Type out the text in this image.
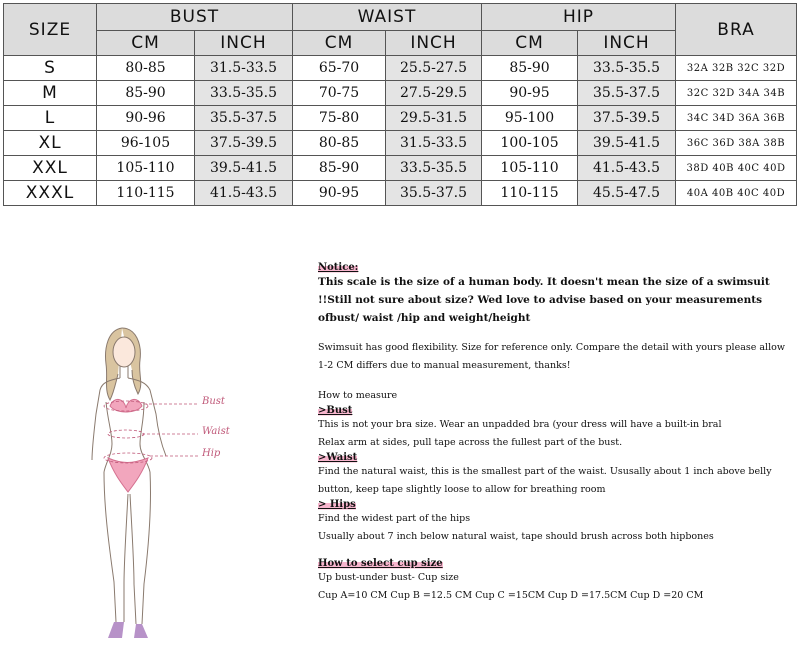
SIZE	BUST		WAIST		HIP		BRA
	CM	INCH	CM	INCH	CM	INCH	
S	80-85	31.5-33.5	65-70	25.5-27.5	85-90	33.5-35.5	32A 32B 32C 32D
M	85-90	33.5-35.5	70-75	27.5-29.5	90-95	35.5-37.5	32C 32D 34A 34B
L	90-96	35.5-37.5	75-80	29.5-31.5	95-100	37.5-39.5	34C 34D 36A 36B
XL	96-105	37.5-39.5	80-85	31.5-33.5	100-105	39.5-41.5	36C 36D 38A 38B
XXL	105-110	39.5-41.5	85-90	33.5-35.5	105-110	41.5-43.5	38D 40B 40C 40D
XXXL	110-115	41.5-43.5	90-95	35.5-37.5	110-115	45.5-47.5	40A 40B 40C 40D
Bust
Waist
Hip
Notice:

This scale is the size of a human body. It doesn't mean the size of a swimsuit !!Still not sure about size? Wed love to advise based on your measurements ofbust/ waist /hip and weight/height

Swimsuit has good flexibility. Size for reference only. Compare the detail with yours please allow 1-2 CM differs due to manual measurement, thanks!

How to measure

>Bust

This is not your bra size. Wear an unpadded bra (your dress will have a built-in bral

Relax arm at sides, pull tape across the fullest part of the bust.

>Waist

Find the natural waist, this is the smallest part of the waist. Ususally about 1 inch above belly button, keep tape slightly loose to allow for breathing room

> Hips

Find the widest part of the hips

Usually about 7 inch below natural waist, tape should brush across both hipbones

How to select cup size

Up bust-under bust- Cup size

Cup A=10 CM Cup B =12.5 CM Cup C =15CM Cup D =17.5CM Cup D =20 CM
